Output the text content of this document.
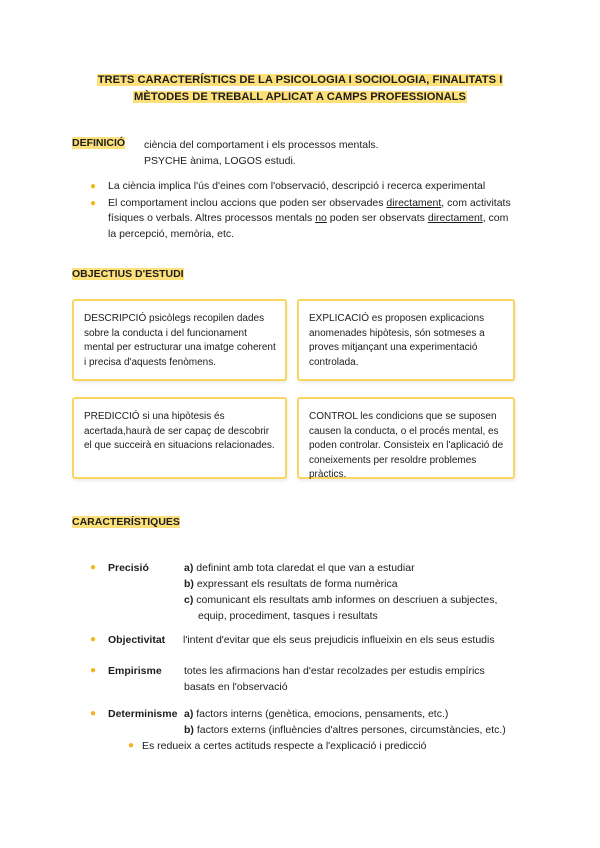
TRETS CARACTERÍSTICS DE LA PSICOLOGIA I SOCIOLOGIA, FINALITATS I
MÈTODES DE TREBALL APLICAT A CAMPS PROFESSIONALS
DEFINICIÓ ciència del comportament i els processos mentals.
PSYCHE ànima, LOGOS estudi.
● La ciència implica l'ús d'eines com l'observació, descripció i recerca experimental
● El comportament inclou accions que poden ser observades directament, com activitats físiques o verbals. Altres processos mentals no poden ser observats directament, com la percepció, memòria, etc.
OBJECTIUS D'ESTUDI
DESCRIPCIÓ psicòlegs recopilen dades sobre la conducta i del funcionament mental per estructurar una imatge coherent i precisa d'aquests fenòmens.
EXPLICACIÓ es proposen explicacions anomenades hipòtesis, són sotmeses a proves mitjançant una experimentació controlada.
PREDICCIÓ si una hipòtesis és acertada,haurà de ser capaç de descobrir el que succeirà en situacions relacionades.
CONTROL les condicions que se suposen causen la conducta, o el procés mental, es poden controlar. Consisteix en l'aplicació de coneixements per resoldre problemes pràctics.
CARACTERÍSTIQUES
● Precisió	a) definint amb tota claredat el que van a estudiar
b) expressant els resultats de forma numèrica
c) comunicant els resultats amb informes on descriuen a subjectes,
equip, procediment, tasques i resultats
● Objectivitat l'intent d'evitar que els seus prejudicis influeixin en els seus estudis
● Empirisme totes les afirmacions han d'estar recolzades per estudis empírics
basats en l'observació
● Determinisme a) factors interns (genètica, emocions, pensaments, etc.)
b) factors externs (influències d'altres persones, circumstàncies, etc.)
● Es redueix a certes actituds respecte a l'explicació i predicció
